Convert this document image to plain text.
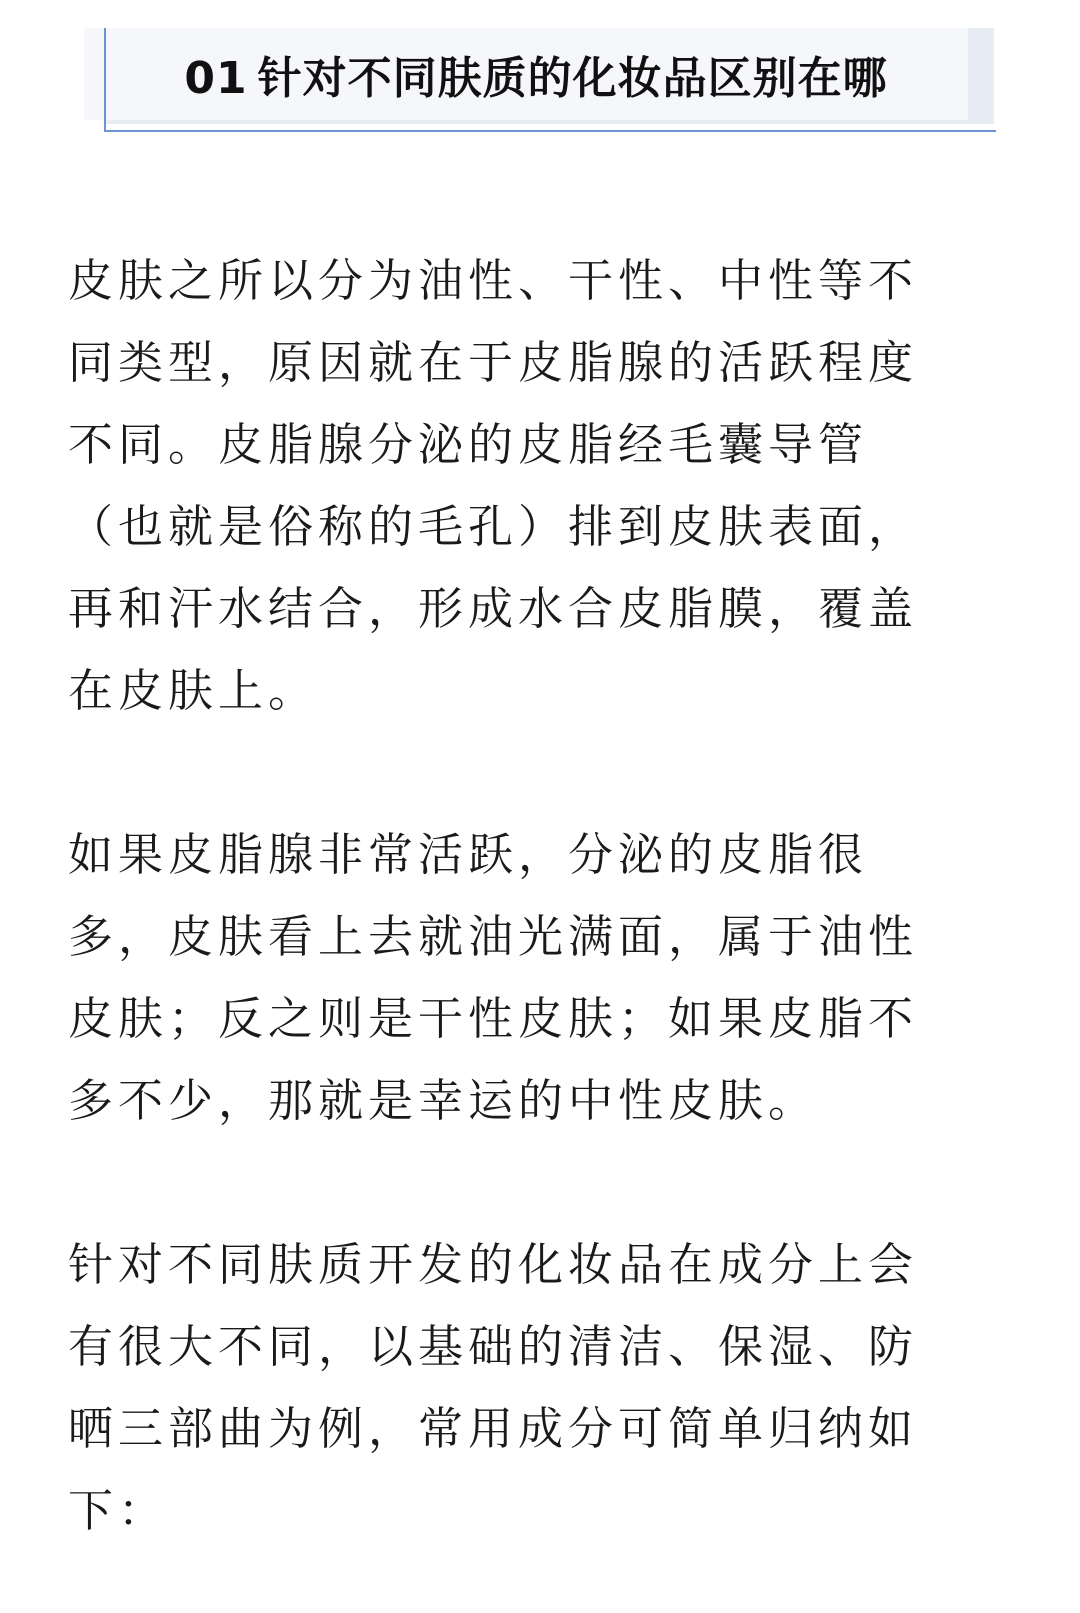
01 针对不同肤质的化妆品区别在哪

皮肤之所以分为油性、干性、中性等不
同类型，原因就在于皮脂腺的活跃程度
不同。皮脂腺分泌的皮脂经毛囊导管
（也就是俗称的毛孔）排到皮肤表面，
再和汗水结合，形成水合皮脂膜，覆盖
在皮肤上。

如果皮脂腺非常活跃，分泌的皮脂很
多，皮肤看上去就油光满面，属于油性
皮肤；反之则是干性皮肤；如果皮脂不
多不少，那就是幸运的中性皮肤。

针对不同肤质开发的化妆品在成分上会
有很大不同，以基础的清洁、保湿、防
晒三部曲为例，常用成分可简单归纳如
下：
